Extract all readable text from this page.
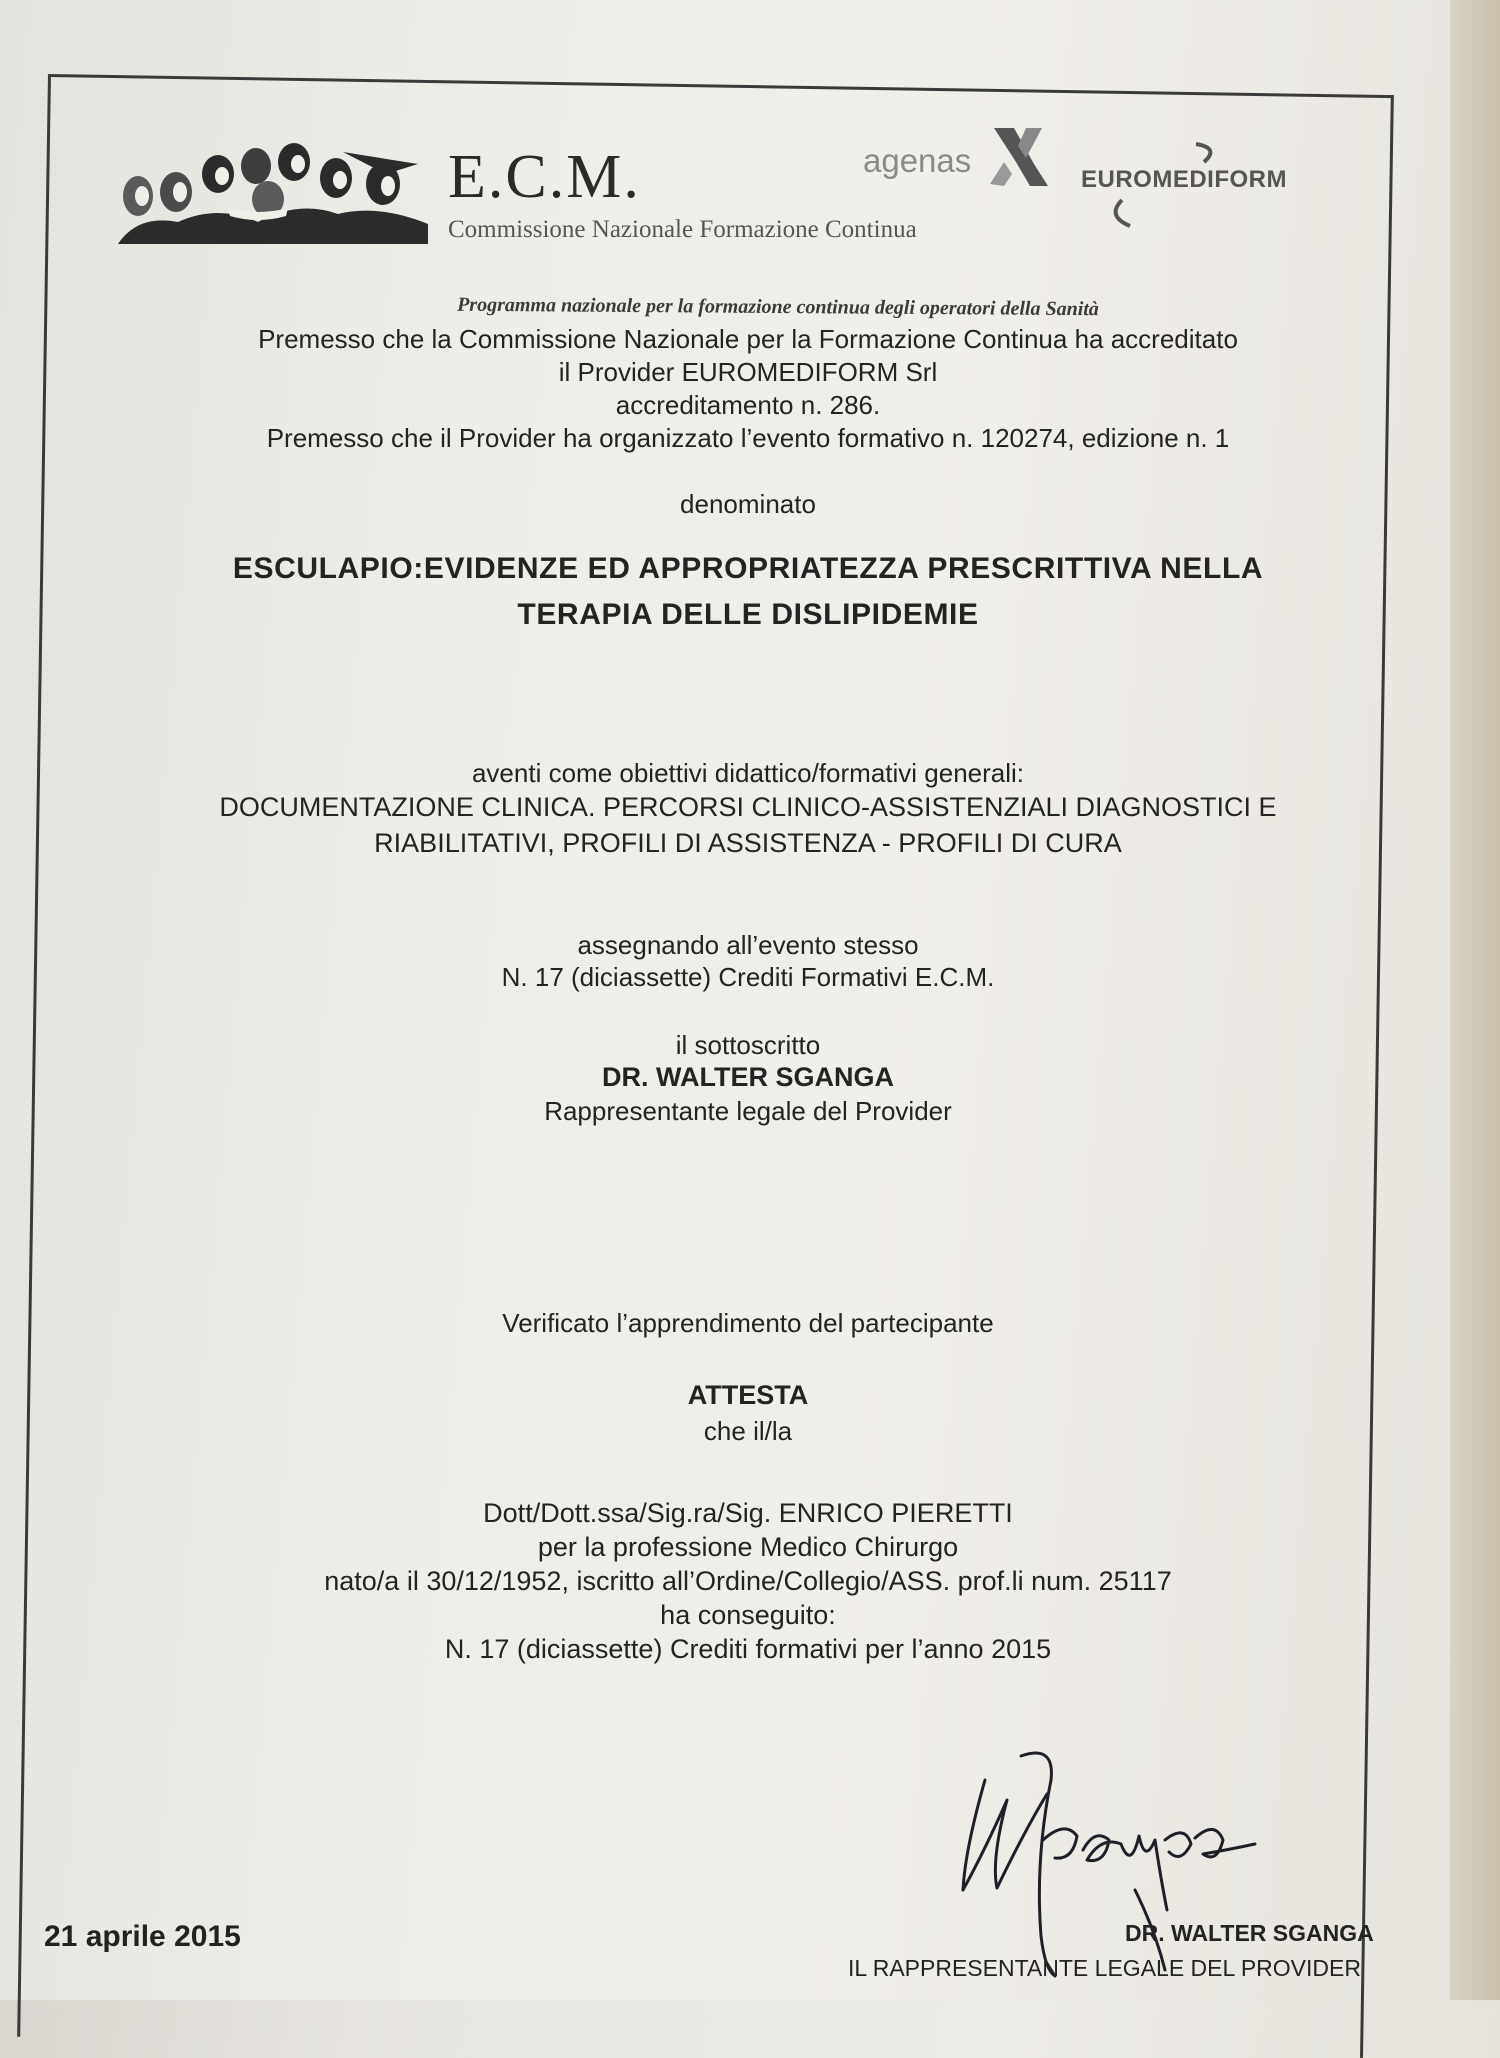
E.C.M.
Commissione Nazionale Formazione Continua
agenas
EUROMEDIFORM
Programma nazionale per la formazione continua degli operatori della Sanità
Premesso che la Commissione Nazionale per la Formazione Continua ha accreditato
il Provider EUROMEDIFORM Srl
accreditamento n. 286.
Premesso che il Provider ha organizzato l’evento formativo n. 120274, edizione n. 1
denominato
ESCULAPIO:EVIDENZE ED APPROPRIATEZZA PRESCRITTIVA NELLA
TERAPIA DELLE DISLIPIDEMIE
aventi come obiettivi didattico/formativi generali:
DOCUMENTAZIONE CLINICA. PERCORSI CLINICO-ASSISTENZIALI DIAGNOSTICI E
RIABILITATIVI, PROFILI DI ASSISTENZA - PROFILI DI CURA
assegnando all’evento stesso
N. 17 (diciassette) Crediti Formativi E.C.M.
il sottoscritto
DR. WALTER SGANGA
Rappresentante legale del Provider
Verificato l’apprendimento del partecipante
ATTESTA
che il/la
Dott/Dott.ssa/Sig.ra/Sig. ENRICO PIERETTI
per la professione Medico Chirurgo
nato/a il 30/12/1952, iscritto all’Ordine/Collegio/ASS. prof.li num. 25117
ha conseguito:
N. 17 (diciassette) Crediti formativi per l’anno 2015
21 aprile 2015	DR. WALTER SGANGA
IL RAPPRESENTANTE LEGALE DEL PROVIDER
